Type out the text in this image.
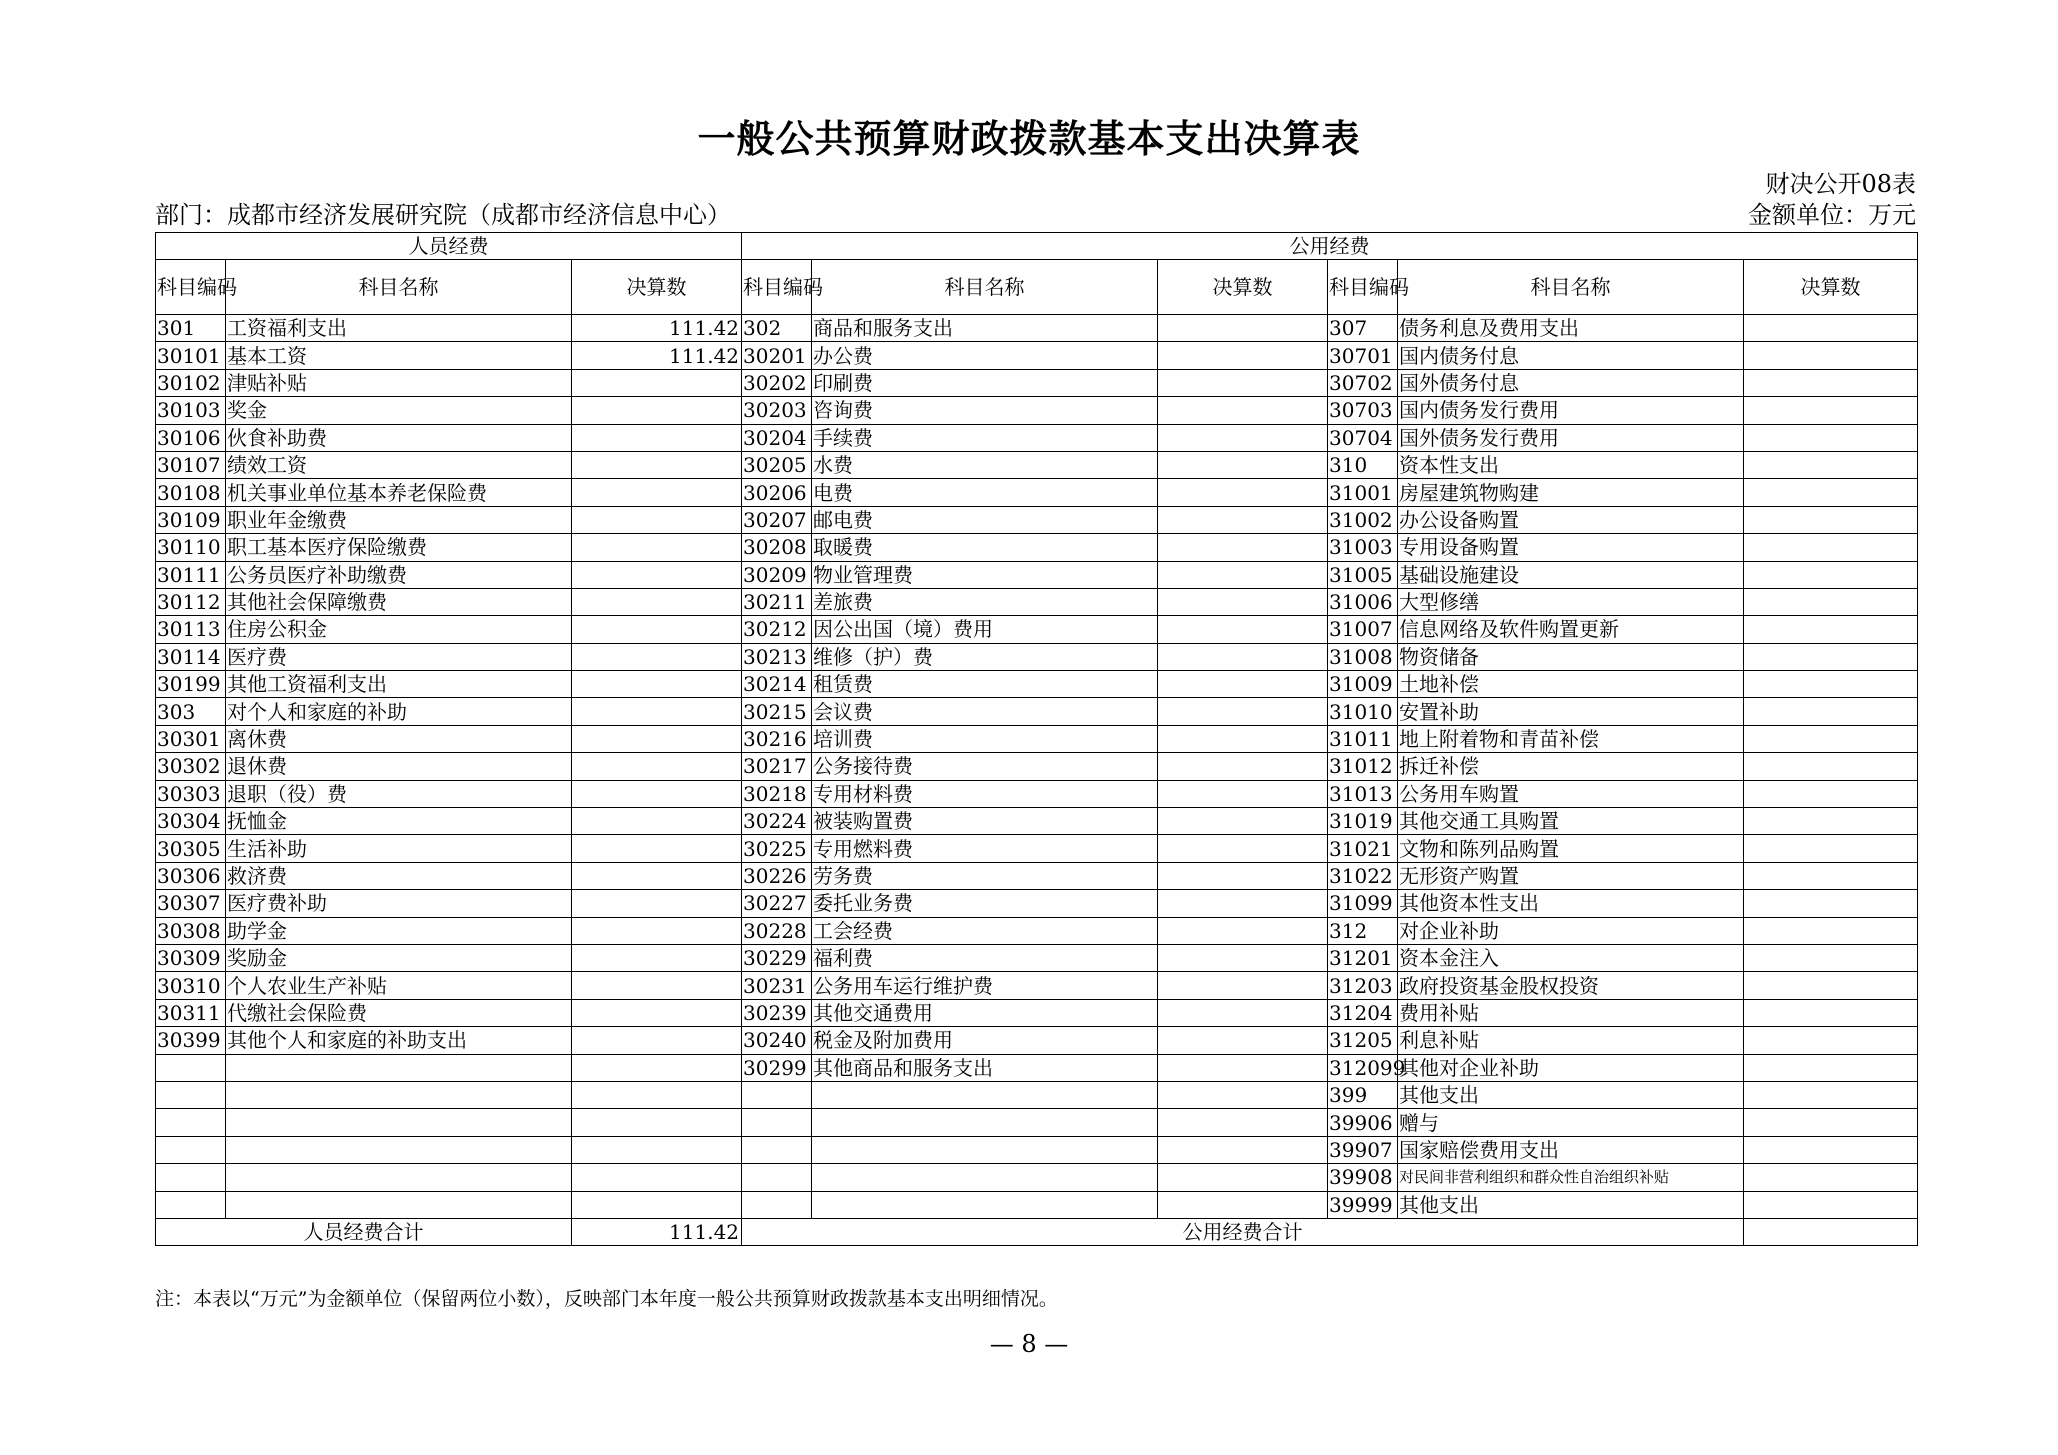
一般公共预算财政拨款基本支出决算表
财决公开08表
部门：成都市经济发展研究院（成都市经济信息中心）	金额单位：万元
人员经费			公用经费					
科目编码	科目名称	决算数	科目编码	科目名称	决算数	科目编码	科目名称	决算数
301	工资福利支出	111.42	302	商品和服务支出		307	债务利息及费用支出	
30101	基本工资	111.42	30201	办公费		30701	国内债务付息	
30102	津贴补贴		30202	印刷费		30702	国外债务付息	
30103	奖金		30203	咨询费		30703	国内债务发行费用	
30106	伙食补助费		30204	手续费		30704	国外债务发行费用	
30107	绩效工资		30205	水费		310	资本性支出	
30108	机关事业单位基本养老保险费		30206	电费		31001	房屋建筑物购建	
30109	职业年金缴费		30207	邮电费		31002	办公设备购置	
30110	职工基本医疗保险缴费		30208	取暖费		31003	专用设备购置	
30111	公务员医疗补助缴费		30209	物业管理费		31005	基础设施建设	
30112	其他社会保障缴费		30211	差旅费		31006	大型修缮	
30113	住房公积金		30212	因公出国（境）费用		31007	信息网络及软件购置更新	
30114	医疗费		30213	维修（护）费		31008	物资储备	
30199	其他工资福利支出		30214	租赁费		31009	土地补偿	
303	对个人和家庭的补助		30215	会议费		31010	安置补助	
30301	离休费		30216	培训费		31011	地上附着物和青苗补偿	
30302	退休费		30217	公务接待费		31012	拆迁补偿	
30303	退职（役）费		30218	专用材料费		31013	公务用车购置	
30304	抚恤金		30224	被装购置费		31019	其他交通工具购置	
30305	生活补助		30225	专用燃料费		31021	文物和陈列品购置	
30306	救济费		30226	劳务费		31022	无形资产购置	
30307	医疗费补助		30227	委托业务费		31099	其他资本性支出	
30308	助学金		30228	工会经费		312	对企业补助	
30309	奖励金		30229	福利费		31201	资本金注入	
30310	个人农业生产补贴		30231	公务用车运行维护费		31203	政府投资基金股权投资	
30311	代缴社会保险费		30239	其他交通费用		31204	费用补贴	
30399	其他个人和家庭的补助支出		30240	税金及附加费用		31205	利息补贴	
			30299	其他商品和服务支出		312099	其他对企业补助	
						399	其他支出	
						39906	赠与	
						39907	国家赔偿费用支出	
						39908	对民间非营利组织和群众性自治组织补贴	
						39999	其他支出	
人员经费合计		111.42	公用经费合计					
注：本表以“万元”为金额单位（保留两位小数），反映部门本年度一般公共预算财政拨款基本支出明细情况。
— 8 —
